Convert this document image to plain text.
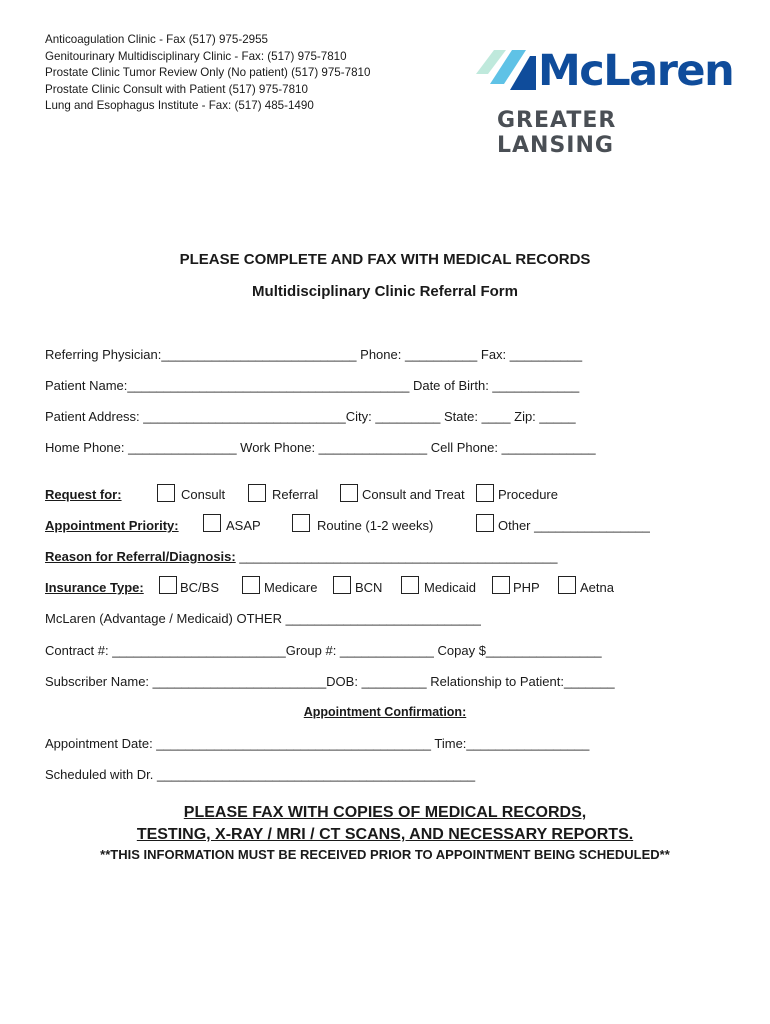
Anticoagulation Clinic - Fax (517) 975-2955
Genitourinary Multidisciplinary Clinic - Fax: (517) 975-7810
Prostate Clinic Tumor Review Only (No patient) (517) 975-7810
Prostate Clinic Consult with Patient (517) 975-7810
Lung and Esophagus Institute - Fax: (517) 485-1490
McLaren
GREATER LANSING
PLEASE COMPLETE AND FAX WITH MEDICAL RECORDS
Multidisciplinary Clinic Referral Form
Referring Physician:___________________________ Phone: __________ Fax: __________
Patient Name:_______________________________________ Date of Birth: ____________
Patient Address: ____________________________City: _________ State: ____ Zip: _____
Home Phone: _______________ Work Phone: _______________ Cell Phone: _____________
Request for:	Consult	Referral	Consult and Treat	Procedure
Appointment Priority:	ASAP	Routine (1-2 weeks)	Other ________________
Reason for Referral/Diagnosis: ____________________________________________
Insurance Type:	BC/BS	Medicare	BCN	Medicaid	PHP	Aetna
McLaren (Advantage / Medicaid) OTHER ___________________________
Contract #: ________________________Group #: _____________ Copay $________________
Subscriber Name: ________________________DOB: _________ Relationship to Patient:_______
Appointment Confirmation:
Appointment Date: ______________________________________ Time:_________________
Scheduled with Dr. ____________________________________________
PLEASE FAX WITH COPIES OF MEDICAL RECORDS,
TESTING, X-RAY / MRI / CT SCANS, AND NECESSARY REPORTS.
**THIS INFORMATION MUST BE RECEIVED PRIOR TO APPOINTMENT BEING SCHEDULED**
